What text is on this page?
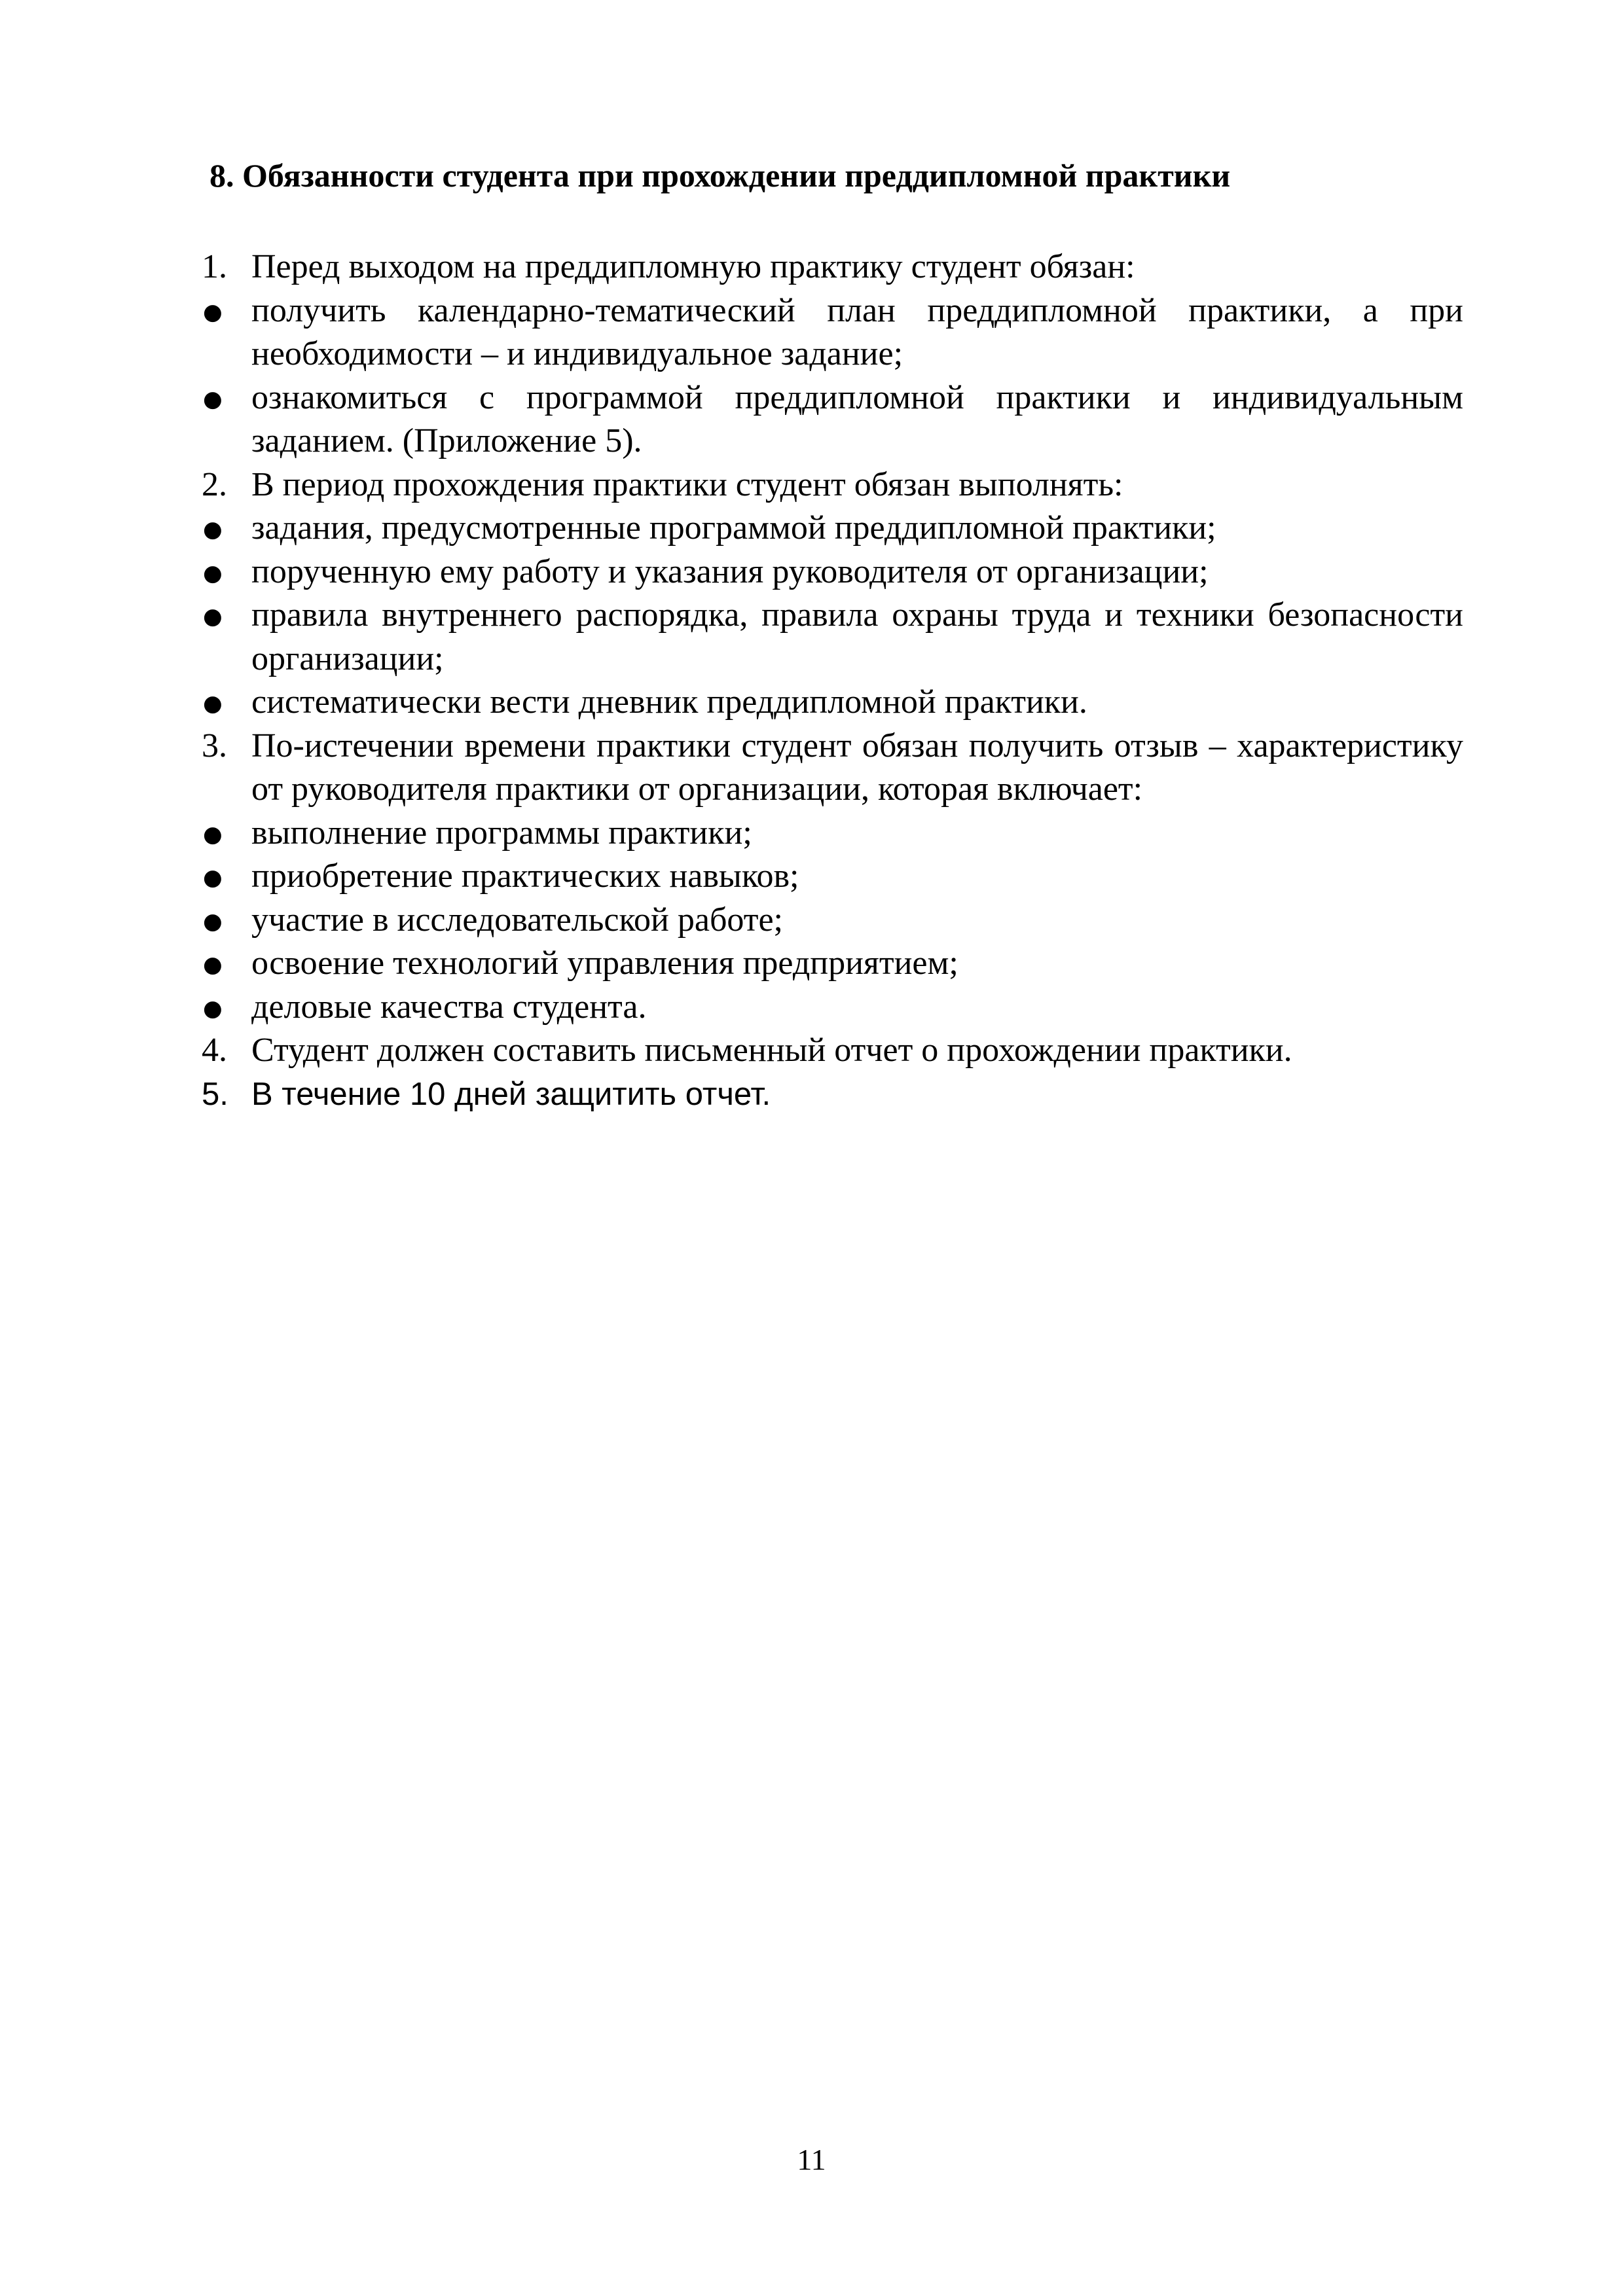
8. Обязанности студента при прохождении преддипломной практики
1. Перед выходом на преддипломную практику студент обязан:
● получить календарно-тематический план преддипломной практики, а при необходимости – и индивидуальное задание;
● ознакомиться с программой преддипломной практики и индивидуальным заданием. (Приложение 5).
2. В период прохождения практики студент обязан выполнять:
● задания, предусмотренные программой преддипломной практики;
● порученную ему работу и указания руководителя от организации;
● правила внутреннего распорядка, правила охраны труда и техники безопасности организации;
● систематически вести дневник преддипломной практики.
3. По-истечении времени практики студент обязан получить отзыв – характеристику от руководителя практики от организации, которая включает:
● выполнение программы практики;
● приобретение практических навыков;
● участие в исследовательской работе;
● освоение технологий управления предприятием;
● деловые качества студента.
4. Студент должен составить письменный отчет о прохождении практики.
5. В течение 10 дней защитить отчет.
11
